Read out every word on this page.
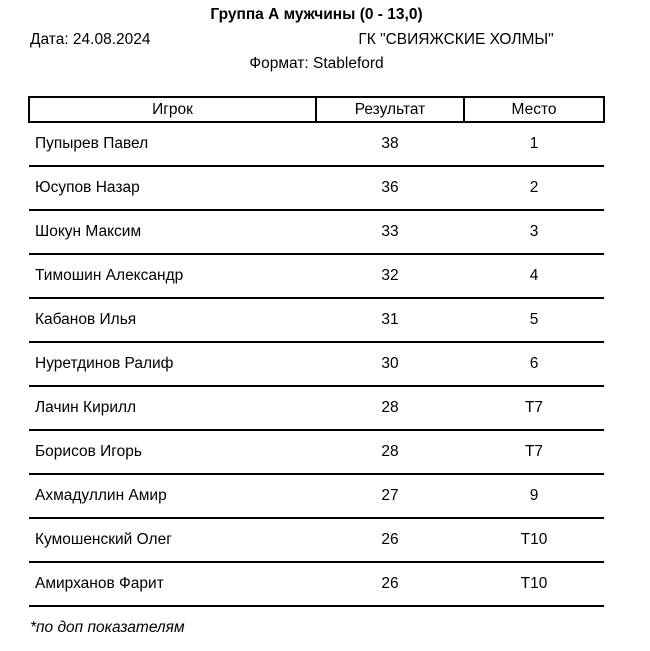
Группа А мужчины (0 - 13,0)
Дата: 24.08.2024	ГК "СВИЯЖСКИЕ ХОЛМЫ"
Формат: Stableford
Игрок	Результат	Место
Пупырев Павел	38	1
Юсупов Назар	36	2
Шокун Максим	33	3
Тимошин Александр	32	4
Кабанов Илья	31	5
Нуретдинов Ралиф	30	6
Лачин Кирилл	28	Т7
Борисов Игорь	28	Т7
Ахмадуллин Амир	27	9
Кумошенский Олег	26	Т10
Амирханов Фарит	26	Т10
*по доп показателям
